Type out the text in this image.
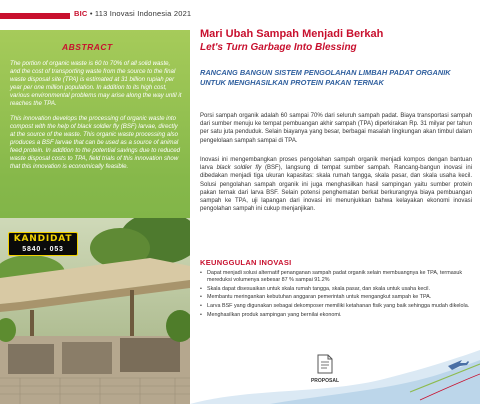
BIC • 113 Inovasi Indonesia 2021
ABSTRACT

The portion of organic waste is 60 to 70% of all solid waste, and the cost of transporting waste from the source to the final waste disposal site (TPA) is estimated at 31 billion rupiah per year per one million population. In addition to its high cost, various environmental problems may arise along the way until it reaches the TPA.

This innovation develops the processing of organic waste into compost with the help of black soldier fly (BSF) larvae, directly at the source of the waste. This organic waste processing also produces a BSF larvae that can be used as a source of animal feed protein. In addition to the potential savings due to reduced waste disposal costs to TPA, field trials of this innovation show that this innovation is economically feasible.

KANDIDAT
5840 - 053
Mari Ubah Sampah Menjadi Berkah
Let's Turn Garbage Into Blessing
RANCANG BANGUN SISTEM PENGOLAHAN LIMBAH PADAT ORGANIK UNTUK MENGHASILKAN PROTEIN PAKAN TERNAK
Porsi sampah organik adalah 60 sampai 70% dari seluruh sampah padat. Biaya transportasi sampah dari sumber menuju ke tempat pembuangan akhir sampah (TPA) diperkirakan Rp. 31 milyar per tahun per satu juta penduduk. Selain biayanya yang besar, berbagai masalah lingkungan akan timbul dalam pengelolaan sampah sampai di TPA.
Inovasi ini mengembangkan proses pengolahan sampah organik menjadi kompos dengan bantuan larva black soldier fly (BSF), langsung di tempat sumber sampah. Rancang-bangun inovasi ini dibedakan menjadi tiga ukuran kapasitas: skala rumah tangga, skala pasar, dan skala usaha kecil. Solusi pengolahan sampah organik ini juga menghasilkan hasil sampingan yaitu sumber protein pakan ternak dari larva BSF. Selain potensi penghematan berkat berkurangnya biaya pembuangan sampah ke TPA, uji lapangan dari inovasi ini menunjukkan bahwa kelayakan ekonomi inovasi pengolahan sampah ini cukup menjanjikan.
KEUNGGULAN INOVASI
• Dapat menjadi solusi alternatif penanganan sampah padat organik selain membuangnya ke TPA, termasuk mereduksi volumenya sebesar 87 % sampai 91.2%
• Skala dapat disesuaikan untuk skala rumah tangga, skala pasar, dan skala untuk usaha kecil.
• Membantu meringankan kebutuhan anggaran pemerintah untuk mengangkut sampah ke TPA.
• Larva BSF yang digunakan sebagai dekomposer memiliki ketahanan fisik yang baik sehingga mudah dikelola.
• Menghasilkan produk sampingan yang bernilai ekonomi.
PROPOSAL
